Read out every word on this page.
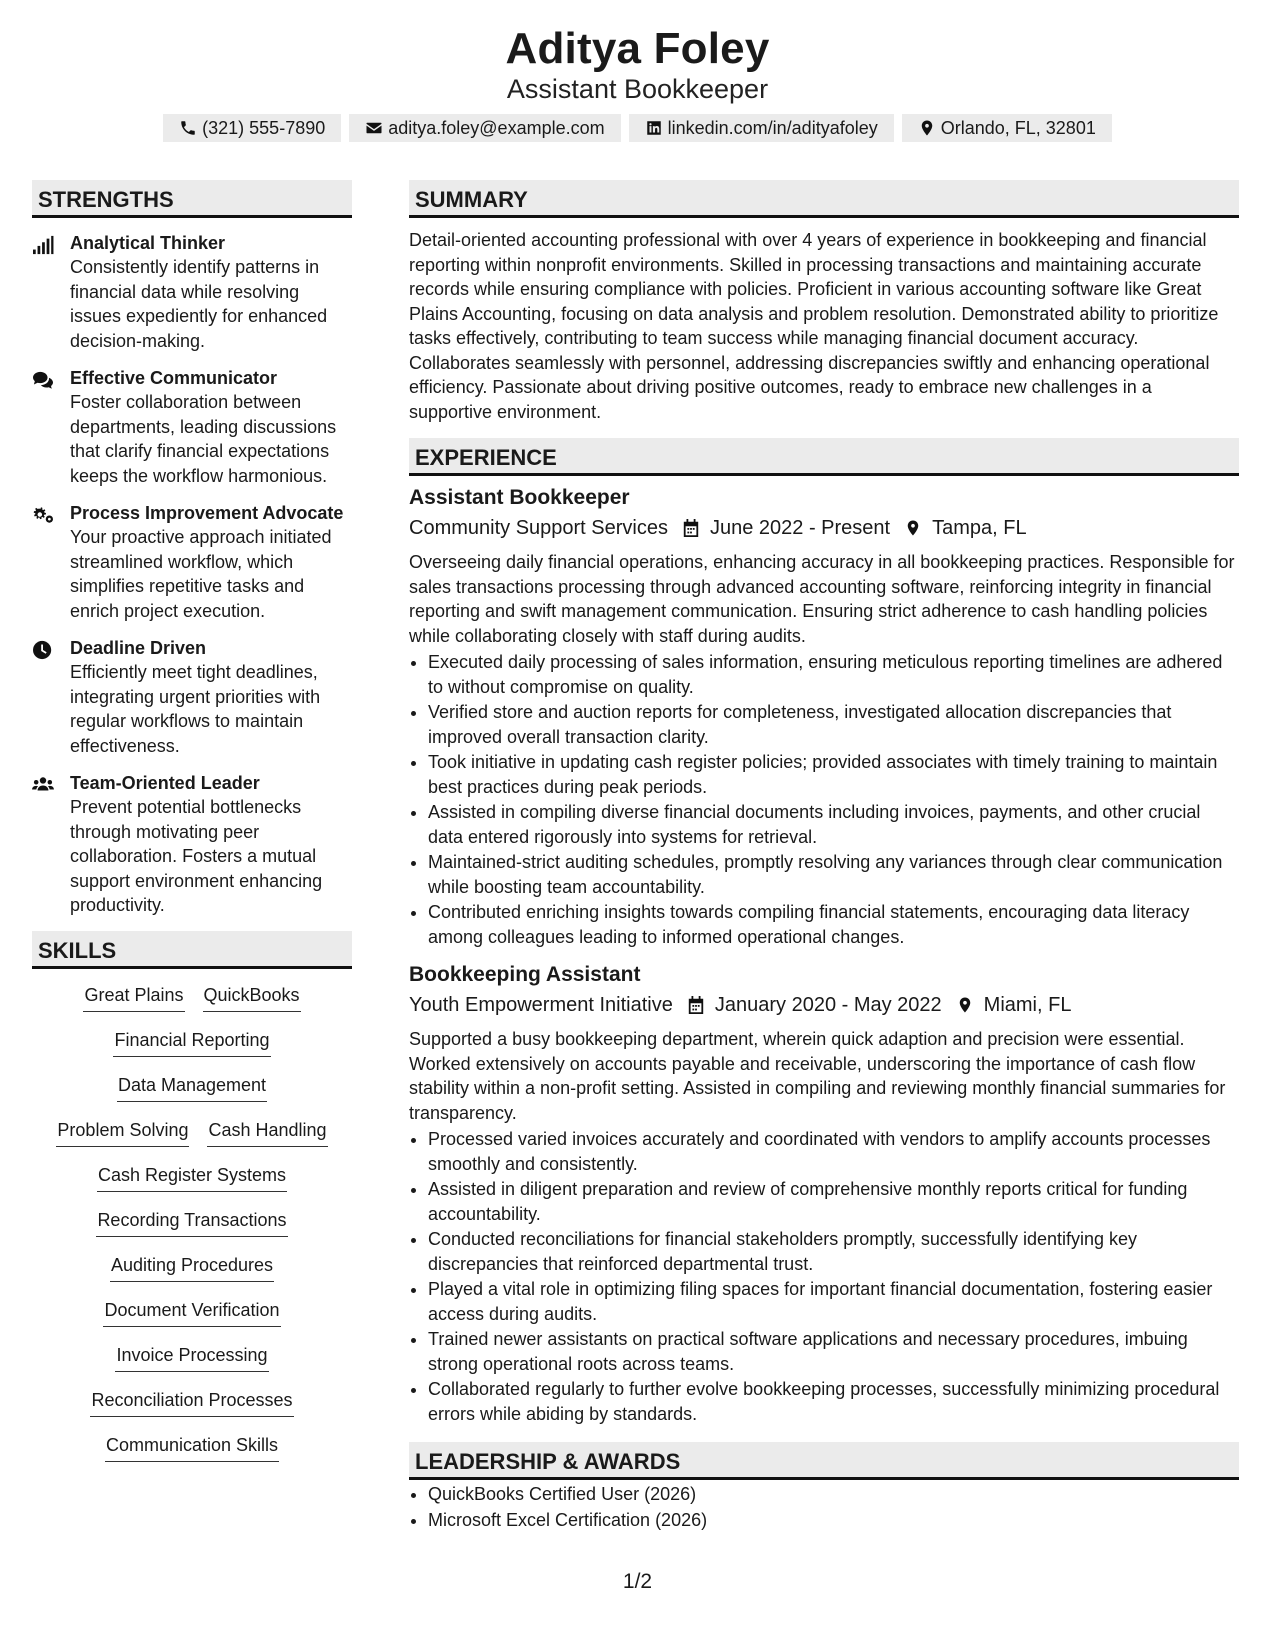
Aditya Foley
Assistant Bookkeeper
(321) 555-7890	aditya.foley@example.com	linkedin.com/in/adityafoley	Orlando, FL, 32801
STRENGTHS
Analytical Thinker
Consistently identify patterns in financial data while resolving issues expediently for enhanced decision-making.
Effective Communicator
Foster collaboration between departments, leading discussions that clarify financial expectations keeps the workflow harmonious.
Process Improvement Advocate
Your proactive approach initiated streamlined workflow, which simplifies repetitive tasks and enrich project execution.
Deadline Driven
Efficiently meet tight deadlines, integrating urgent priorities with regular workflows to maintain effectiveness.
Team-Oriented Leader
Prevent potential bottlenecks through motivating peer collaboration. Fosters a mutual support environment enhancing productivity.
SKILLS
Great Plains QuickBooks
Financial Reporting
Data Management
Problem Solving Cash Handling
Cash Register Systems
Recording Transactions
Auditing Procedures
Document Verification
Invoice Processing
Reconciliation Processes
Communication Skills
SUMMARY

Detail-oriented accounting professional with over 4 years of experience in bookkeeping and financial reporting within nonprofit environments. Skilled in processing transactions and maintaining accurate records while ensuring compliance with policies. Proficient in various accounting software like Great Plains Accounting, focusing on data analysis and problem resolution. Demonstrated ability to prioritize tasks effectively, contributing to team success while managing financial document accuracy. Collaborates seamlessly with personnel, addressing discrepancies swiftly and enhancing operational efficiency. Passionate about driving positive outcomes, ready to embrace new challenges in a supportive environment.

EXPERIENCE
Assistant Bookkeeper
Community Support Services June 2022 - Present Tampa, FL

Overseeing daily financial operations, enhancing accuracy in all bookkeeping practices. Responsible for sales transactions processing through advanced accounting software, reinforcing integrity in financial reporting and swift management communication. Ensuring strict adherence to cash handling policies while collaborating closely with staff during audits.

• Executed daily processing of sales information, ensuring meticulous reporting timelines are adhered to without compromise on quality.
• Verified store and auction reports for completeness, investigated allocation discrepancies that improved overall transaction clarity.
• Took initiative in updating cash register policies; provided associates with timely training to maintain best practices during peak periods.
• Assisted in compiling diverse financial documents including invoices, payments, and other crucial data entered rigorously into systems for retrieval.
• Maintained-strict auditing schedules, promptly resolving any variances through clear communication while boosting team accountability.
• Contributed enriching insights towards compiling financial statements, encouraging data literacy among colleagues leading to informed operational changes.
Bookkeeping Assistant
Youth Empowerment Initiative January 2020 - May 2022 Miami, FL

Supported a busy bookkeeping department, wherein quick adaption and precision were essential. Worked extensively on accounts payable and receivable, underscoring the importance of cash flow stability within a non-profit setting. Assisted in compiling and reviewing monthly financial summaries for transparency.

• Processed varied invoices accurately and coordinated with vendors to amplify accounts processes smoothly and consistently.
• Assisted in diligent preparation and review of comprehensive monthly reports critical for funding accountability.
• Conducted reconciliations for financial stakeholders promptly, successfully identifying key discrepancies that reinforced departmental trust.
• Played a vital role in optimizing filing spaces for important financial documentation, fostering easier access during audits.
• Trained newer assistants on practical software applications and necessary procedures, imbuing strong operational roots across teams.
• Collaborated regularly to further evolve bookkeeping processes, successfully minimizing procedural errors while abiding by standards.
LEADERSHIP & AWARDS
• QuickBooks Certified User (2026)
• Microsoft Excel Certification (2026)
1/2
